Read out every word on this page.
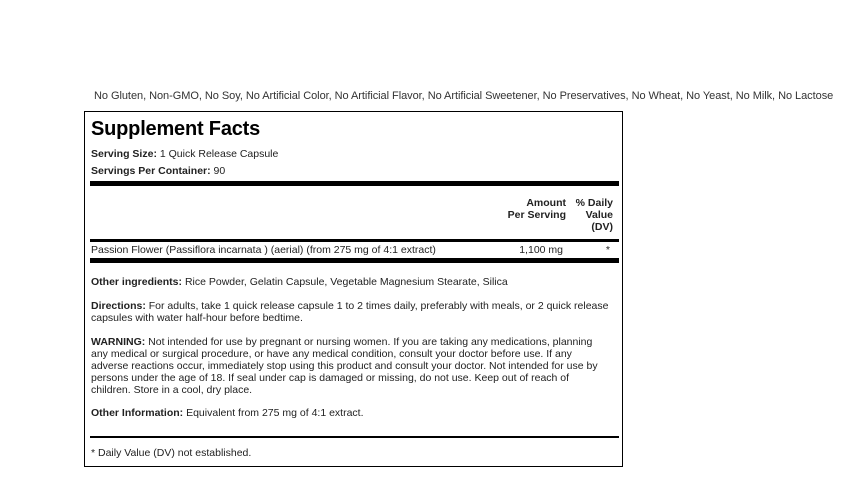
No Gluten, Non-GMO, No Soy, No Artificial Color, No Artificial Flavor, No Artificial Sweetener, No Preservatives, No Wheat, No Yeast, No Milk, No Lactose
Supplement Facts
Serving Size: 1 Quick Release Capsule
Servings Per Container: 90
Amount
Per Serving
% Daily
Value
(DV)
Passion Flower (Passiflora incarnata ) (aerial) (from 275 mg of 4:1 extract)	1,100 mg	*

Other ingredients: Rice Powder, Gelatin Capsule, Vegetable Magnesium Stearate, Silica

Directions: For adults, take 1 quick release capsule 1 to 2 times daily, preferably with meals, or 2 quick release capsules with water half-hour before bedtime.

WARNING: Not intended for use by pregnant or nursing women. If you are taking any medications, planning any medical or surgical procedure, or have any medical condition, consult your doctor before use. If any adverse reactions occur, immediately stop using this product and consult your doctor. Not intended for use by persons under the age of 18. If seal under cap is damaged or missing, do not use. Keep out of reach of children. Store in a cool, dry place.

Other Information: Equivalent from 275 mg of 4:1 extract.

* Daily Value (DV) not established.
